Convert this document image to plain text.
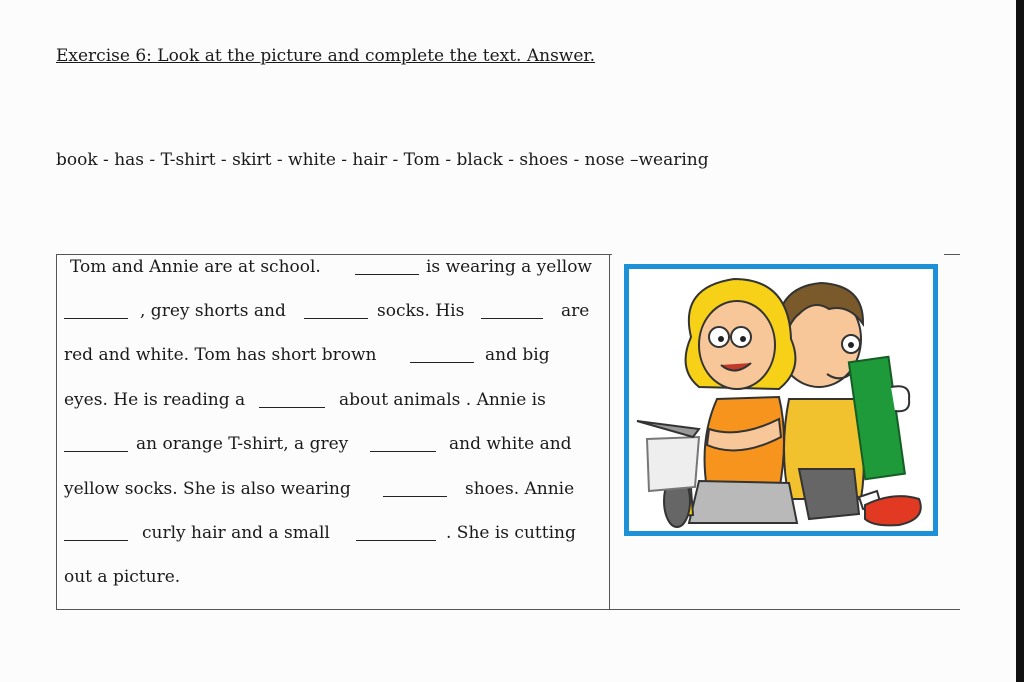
Exercise 6: Look at the picture and complete the text. Answer.
book - has - T-shirt - skirt - white - hair - Tom - black - shoes - nose –wearing
Tom and Annie are at school.	is wearing a yellow
, grey shorts and	socks. His	are
red and white. Tom has short brown	and big
eyes. He is reading a	about animals . Annie is
an orange T-shirt, a grey	and white and
yellow socks. She is also wearing	shoes. Annie
curly hair and a small	. She is cutting
out a picture.
